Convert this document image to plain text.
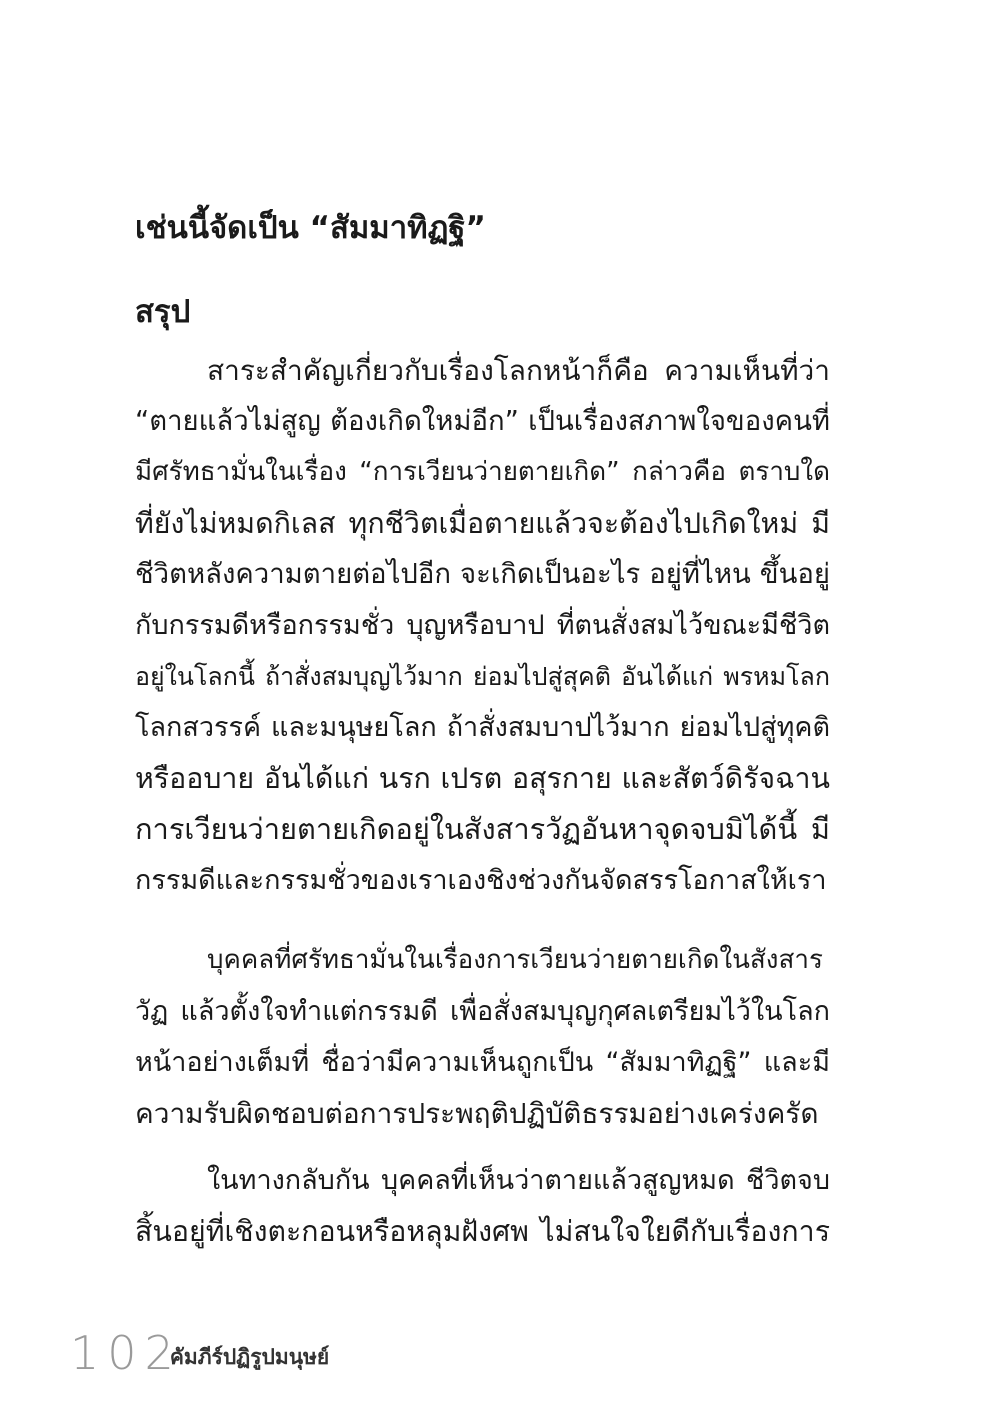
เช่นนี้จัดเป็น “สัมมาทิฏฐิ”
สรุป

สาระสำคัญเกี่ยวกับเรื่องโลกหน้าก็คือ ความเห็นที่ว่า
“ตายแล้วไม่สูญ ต้องเกิดใหม่อีก” เป็นเรื่องสภาพใจของคนที่
มีศรัทธามั่นในเรื่อง “การเวียนว่ายตายเกิด” กล่าวคือ ตราบใด
ที่ยังไม่หมดกิเลส ทุกชีวิตเมื่อตายแล้วจะต้องไปเกิดใหม่ มี
ชีวิตหลังความตายต่อไปอีก จะเกิดเป็นอะไร อยู่ที่ไหน ขึ้นอยู่
กับกรรมดีหรือกรรมชั่ว บุญหรือบาป ที่ตนสั่งสมไว้ขณะมีชีวิต
อยู่ในโลกนี้ ถ้าสั่งสมบุญไว้มาก ย่อมไปสู่สุคติ อันได้แก่ พรหมโลก
โลกสวรรค์ และมนุษยโลก ถ้าสั่งสมบาปไว้มาก ย่อมไปสู่ทุคติ
หรืออบาย อันได้แก่ นรก เปรต อสุรกาย และสัตว์ดิรัจฉาน
การเวียนว่ายตายเกิดอยู่ในสังสารวัฏอันหาจุดจบมิได้นี้ มี
กรรมดีและกรรมชั่วของเราเองชิงช่วงกันจัดสรรโอกาสให้เรา

บุคคลที่ศรัทธามั่นในเรื่องการเวียนว่ายตายเกิดในสังสาร
วัฏ แล้วตั้งใจทำแต่กรรมดี เพื่อสั่งสมบุญกุศลเตรียมไว้ในโลก
หน้าอย่างเต็มที่ ชื่อว่ามีความเห็นถูกเป็น “สัมมาทิฏฐิ” และมี
ความรับผิดชอบต่อการประพฤติปฏิบัติธรรมอย่างเคร่งครัด

ในทางกลับกัน บุคคลที่เห็นว่าตายแล้วสูญหมด ชีวิตจบ
สิ้นอยู่ที่เชิงตะกอนหรือหลุมฝังศพ ไม่สนใจใยดีกับเรื่องการ

102
คัมภีร์ปฏิรูปมนุษย์
